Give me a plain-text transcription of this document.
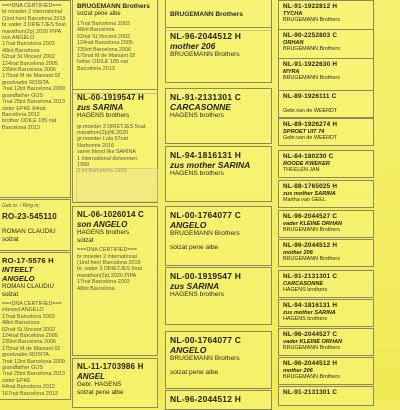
===DNA CERTIFIED===
br moeder 2 international
(1ind hen) Barcelona 2019
br vader 3 DRIETJES 5nat
marathon(2p) 2020 PIPA
son ANGELO
17nat Barcelona 2003
48int Barcelona
52nat St.Vincent 2002
124nat Barcelona 2005
235int Barcelona 2006
175nat M de Marsant 02
grootvader ROSITA
7nat 12int Barcelona 2009
grandfather GIJS
7nat 25int Barcelona 2013
sister EPKE 64nat
Barcelona 2012
brother ODILE 185 nat
Barcelona 2013
Geb.nr. / Ring nr.
RO-23-545110
ROMAN CLAUDIU
solzat
RO-17-5576 H
INTEELT ANGELO
ROMAN CLAUDIU
solzat
===DNA CERTIFIED===
inbreed ANGELO
17nat Barcelona 2003
48int Barcelona
52nat St.Vincent 2002
124nat Barcelona 2005
235int Barcelona 2006
175nat M de Marsant 02
grootvader ROSITA
7nat 12int Barcelona 2009
grandfather GIJS
7nat 25int Barcelona 2013
sister EPKE
64nat Barcelona 2012
167nat Barcelona 2013
BRUGEMANN Brothers
solzat pene albe
17nat Barcelona 2003
48int Barcelona
52nat St.Vincent 2002
124nat Barcelona 2005
235int Barcelona 2006
175nat M de Marsant 02
father ODILE 185 nat
Barcelona 2013
NL-00-1919547 H
zus SARINA
HAGENS brothers
gr.moeder 3 DRIETJES 5nat
marathon(2p)NL2020
gr.moeder Lola 57nat
Narbonne 2016
same blood like SARINA
1 international duivennen
1999
3 int Barcelona 1999
NL-06-1026014 C
son ANGELO
HAGENS brothers
solzat
===DNA CERTIFIED===
br moeder 2 international
(1ind hen) Barcelona 2019
br. vader 3 DRIETJES 5nat
marathon(2p) 2020 PIPA
17nat Barcelona 2003
48int Barcelona
NL-11-1703986 H
ANGEL
Gebr. HAGENS
solzat pene albe
BRUGEMANN Brothers
NL-96-2044512 H
mother 206
BRUGEMANN Brothers
NL-91-2131301 C
CARCASONNE
HAGENS brothers
NL-94-1816131 H
zus mother SARINA
HAGENS brothers
NL-00-1764077 C
ANGELO
BRUGEMANN Brothers
solzat pene albe
NL-00-1919547 H
zus SARINA
HAGENS brothers
NL-00-1764077 C
ANGELO
BRUGEMANN Brothers
solzat pene albe
NL-96-2044512 H
NL-91-1922812 H
TYCHA
BRUGEMANN Brothers
NL-90-2252803 C
ORHAN
BRUGEMANN Brothers
NL-91-1922630 H
MYRA
BRUGEMANN Brothers
NL-89-1926111 C
Gebr.van de WEERDT
NL-89-1926274 H
SPROET UIT 74
Gebr.van de WEERDT
NL-84-180230 C
ROODE KWEKER
THEELEN JAN
NL-88-1765025 H
zus mother SARINA
Martha van GEEL
NL-96-2044527 C
vader KLEINE ORHAN
BRUGEMANN Brothers
NL-96-2044512 H
mother 206
BRUGEMANN Brothers
NL-91-2131301 C
CARCASONNE
HAGENS brothers
NL-94-1816131 H
zus mother SARINA
HAGENS brothers
NL-96-2044527 C
vader KLEINE ORHAN
BRUGEMANN Brothers
NL-96-2044512 H
mother 206
BRUGEMANN Brothers
NL-91-2131301 C
